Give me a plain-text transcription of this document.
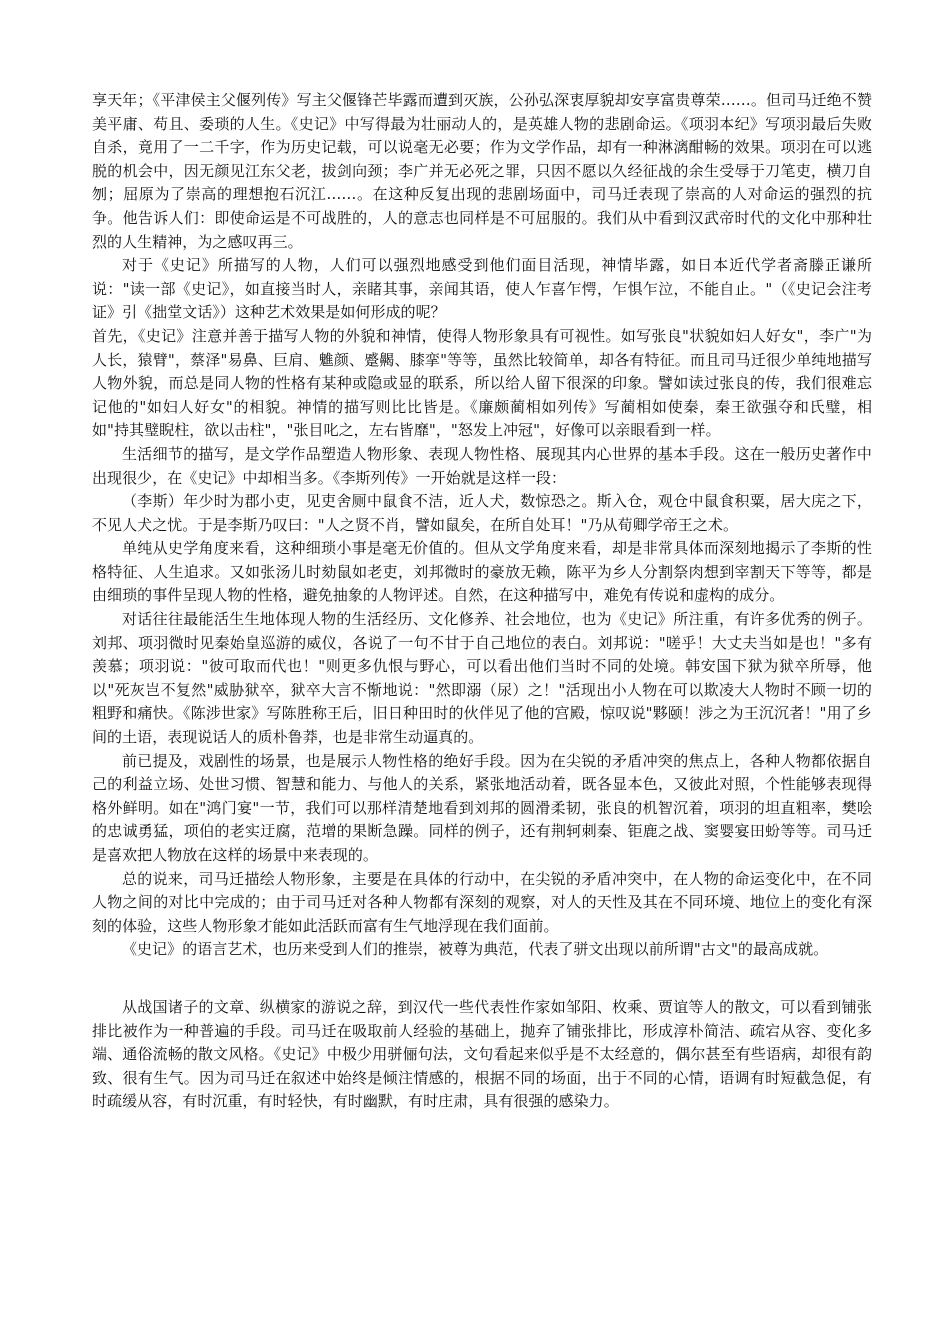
享天年；《平津侯主父偃列传》写主父偃锋芒毕露而遭到灭族，公孙弘深衷厚貌却安享富贵尊荣……。但司马迁绝不赞美平庸、苟且、委琐的人生。《史记》中写得最为壮丽动人的，是英雄人物的悲剧命运。《项羽本纪》写项羽最后失败自杀，竟用了一二千字，作为历史记载，可以说毫无必要；作为文学作品，却有一种淋漓酣畅的效果。项羽在可以逃脱的机会中，因无颜见江东父老，拔剑向颈；李广并无必死之罪，只因不愿以久经征战的余生受辱于刀笔吏，横刀自刎；屈原为了崇高的理想抱石沉江……。在这种反复出现的悲剧场面中，司马迁表现了崇高的人对命运的强烈的抗争。他告诉人们：即使命运是不可战胜的，人的意志也同样是不可屈服的。我们从中看到汉武帝时代的文化中那种壮烈的人生精神，为之感叹再三。

对于《史记》所描写的人物，人们可以强烈地感受到他们面目活现，神情毕露，如日本近代学者斋滕正谦所说："读一部《史记》，如直接当时人，亲睹其事，亲闻其语，使人乍喜乍愕，乍惧乍泣，不能自止。"（《史记会注考证》引《拙堂文话》）这种艺术效果是如何形成的呢？

首先，《史记》注意并善于描写人物的外貌和神情，使得人物形象具有可视性。如写张良"状貌如妇人好女"，李广"为人长，猿臂"，蔡泽"易鼻、巨肩、魋颜、蹙齃、膝挛"等等，虽然比较简单，却各有特征。而且司马迁很少单纯地描写人物外貌，而总是同人物的性格有某种或隐或显的联系，所以给人留下很深的印象。譬如读过张良的传，我们很难忘记他的"如妇人好女"的相貌。神情的描写则比比皆是。《廉颇蔺相如列传》写蔺相如使秦，秦王欲强夺和氏璧，相如"持其璧睨柱，欲以击柱"，"张目叱之，左右皆靡"，"怒发上冲冠"，好像可以亲眼看到一样。

生活细节的描写，是文学作品塑造人物形象、表现人物性格、展现其内心世界的基本手段。这在一般历史著作中出现很少，在《史记》中却相当多。《李斯列传》一开始就是这样一段：

（李斯）年少时为郡小吏，见吏舍厕中鼠食不洁，近人犬，数惊恐之。斯入仓，观仓中鼠食积粟，居大庑之下，不见人犬之忧。于是李斯乃叹曰："人之贤不肖，譬如鼠矣，在所自处耳！"乃从荀卿学帝王之术。

单纯从史学角度来看，这种细琐小事是毫无价值的。但从文学角度来看，却是非常具体而深刻地揭示了李斯的性格特征、人生追求。又如张汤儿时劾鼠如老吏，刘邦微时的豪放无赖，陈平为乡人分割祭肉想到宰割天下等等，都是由细琐的事件呈现人物的性格，避免抽象的人物评述。自然，在这种描写中，难免有传说和虚构的成分。

对话往往最能活生生地体现人物的生活经历、文化修养、社会地位，也为《史记》所注重，有许多优秀的例子。刘邦、项羽微时见秦始皇巡游的威仪，各说了一句不甘于自己地位的表白。刘邦说："嗟乎！大丈夫当如是也！"多有羡慕；项羽说："彼可取而代也！"则更多仇恨与野心，可以看出他们当时不同的处境。韩安国下狱为狱卒所辱，他以"死灰岂不复然"威胁狱卒，狱卒大言不惭地说："然即溺（尿）之！"活现出小人物在可以欺凌大人物时不顾一切的粗野和痛快。《陈涉世家》写陈胜称王后，旧日种田时的伙伴见了他的宫殿，惊叹说"夥颐！涉之为王沉沉者！"用了乡间的土语，表现说话人的质朴鲁莽，也是非常生动逼真的。

前已提及，戏剧性的场景，也是展示人物性格的绝好手段。因为在尖锐的矛盾冲突的焦点上，各种人物都依据自己的利益立场、处世习惯、智慧和能力、与他人的关系，紧张地活动着，既各显本色，又彼此对照，个性能够表现得格外鲜明。如在"鸿门宴"一节，我们可以那样清楚地看到刘邦的圆滑柔韧，张良的机智沉着，项羽的坦直粗率，樊哙的忠诚勇猛，项伯的老实迂腐，范增的果断急躁。同样的例子，还有荆轲刺秦、钜鹿之战、窦婴宴田蚡等等。司马迁是喜欢把人物放在这样的场景中来表现的。

总的说来，司马迁描绘人物形象，主要是在具体的行动中，在尖锐的矛盾冲突中，在人物的命运变化中，在不同人物之间的对比中完成的；由于司马迁对各种人物都有深刻的观察，对人的天性及其在不同环境、地位上的变化有深刻的体验，这些人物形象才能如此活跃而富有生气地浮现在我们面前。

《史记》的语言艺术，也历来受到人们的推崇，被尊为典范，代表了骈文出现以前所谓"古文"的最高成就。

从战国诸子的文章、纵横家的游说之辞，到汉代一些代表性作家如邹阳、枚乘、贾谊等人的散文，可以看到铺张排比被作为一种普遍的手段。司马迁在吸取前人经验的基础上，抛弃了铺张排比，形成淳朴简洁、疏宕从容、变化多端、通俗流畅的散文风格。《史记》中极少用骈俪句法，文句看起来似乎是不太经意的，偶尔甚至有些语病，却很有韵致、很有生气。因为司马迁在叙述中始终是倾注情感的，根据不同的场面，出于不同的心情，语调有时短截急促，有时疏缓从容，有时沉重，有时轻快，有时幽默，有时庄肃，具有很强的感染力。
